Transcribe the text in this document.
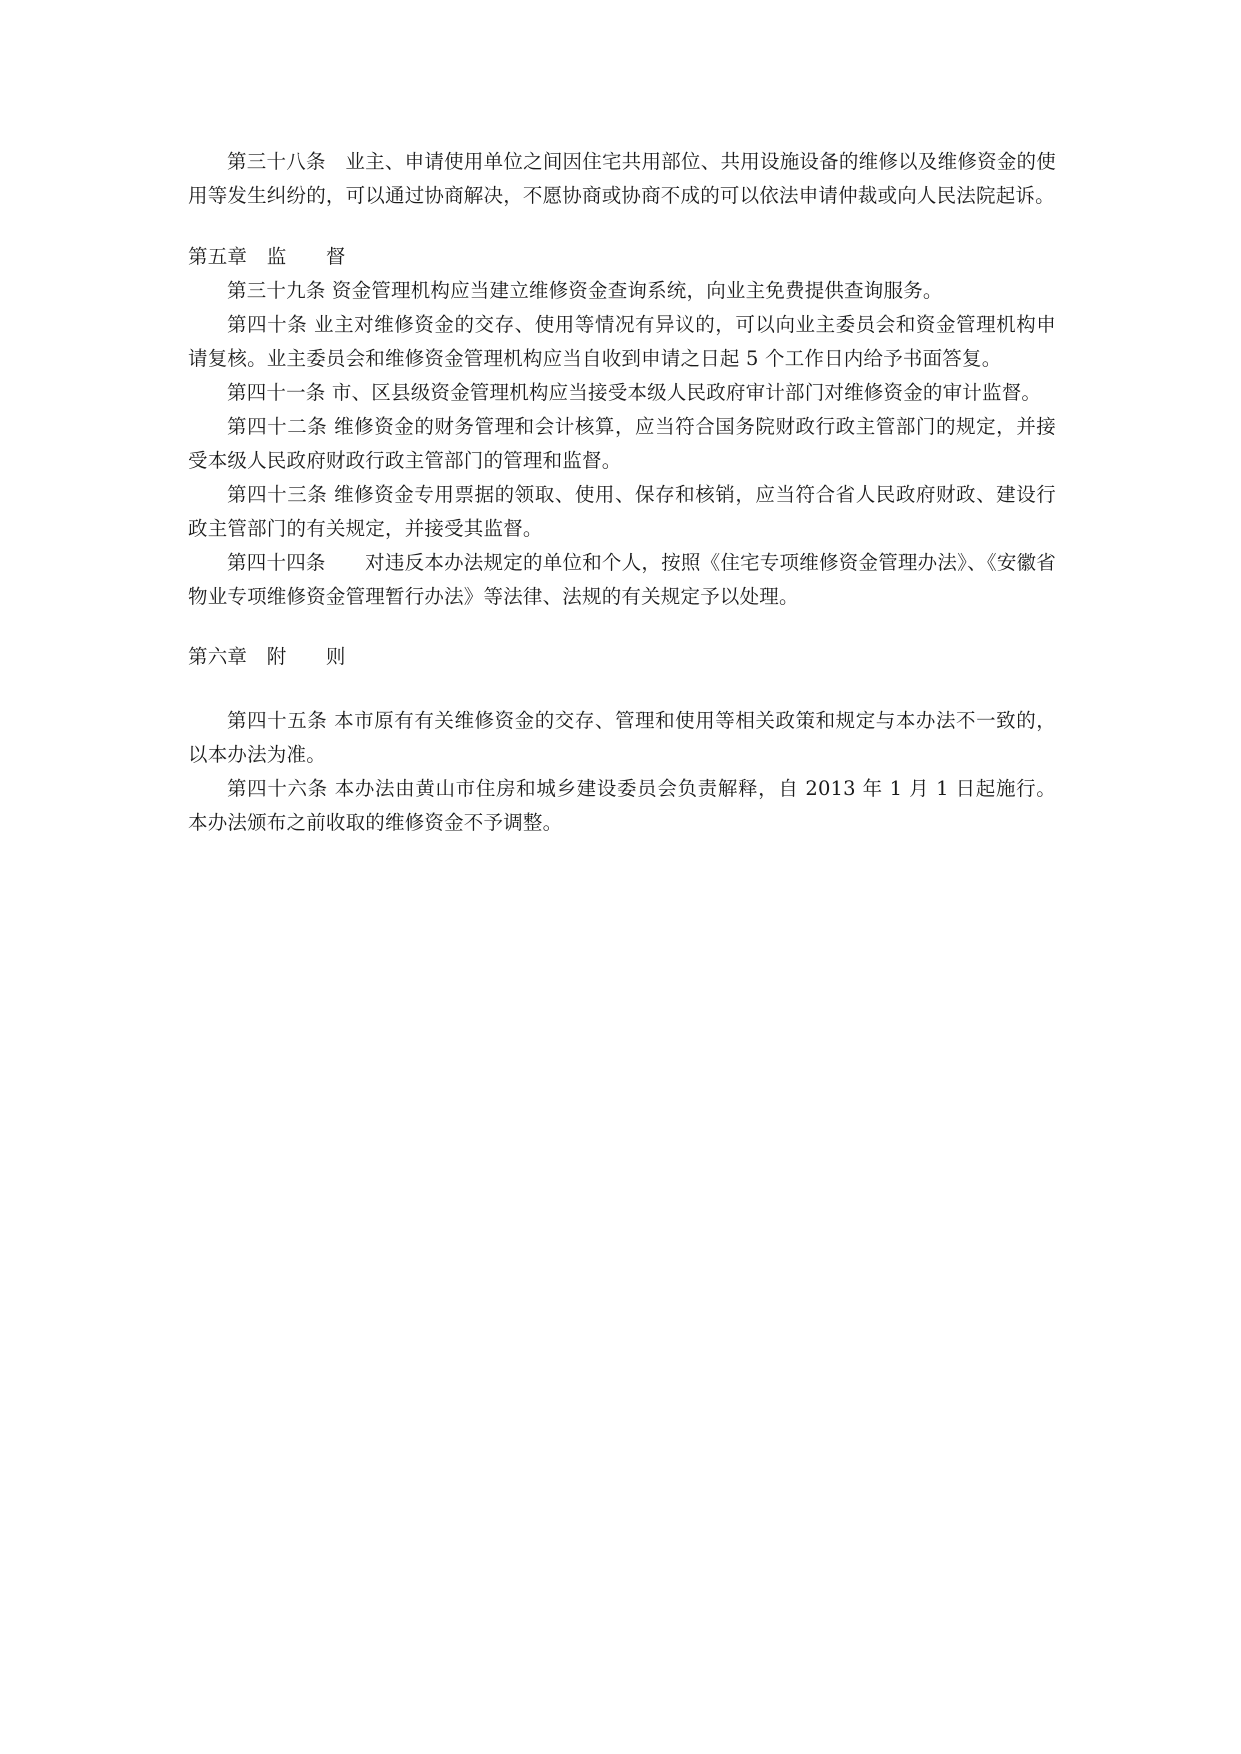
第三十八条　业主、申请使用单位之间因住宅共用部位、共用设施设备的维修以及维修资金的使用等发生纠纷的，可以通过协商解决，不愿协商或协商不成的可以依法申请仲裁或向人民法院起诉。

第五章　监　　督

第三十九条 资金管理机构应当建立维修资金查询系统，向业主免费提供查询服务。

第四十条 业主对维修资金的交存、使用等情况有异议的，可以向业主委员会和资金管理机构申请复核。业主委员会和维修资金管理机构应当自收到申请之日起 5 个工作日内给予书面答复。

第四十一条 市、区县级资金管理机构应当接受本级人民政府审计部门对维修资金的审计监督。

第四十二条 维修资金的财务管理和会计核算，应当符合国务院财政行政主管部门的规定，并接受本级人民政府财政行政主管部门的管理和监督。

第四十三条 维修资金专用票据的领取、使用、保存和核销，应当符合省人民政府财政、建设行政主管部门的有关规定，并接受其监督。

第四十四条　　对违反本办法规定的单位和个人，按照《住宅专项维修资金管理办法》、《安徽省物业专项维修资金管理暂行办法》等法律、法规的有关规定予以处理。

第六章　附　　则

第四十五条 本市原有有关维修资金的交存、管理和使用等相关政策和规定与本办法不一致的，以本办法为准。

第四十六条 本办法由黄山市住房和城乡建设委员会负责解释，自 2013 年 1 月 1 日起施行。本办法颁布之前收取的维修资金不予调整。
